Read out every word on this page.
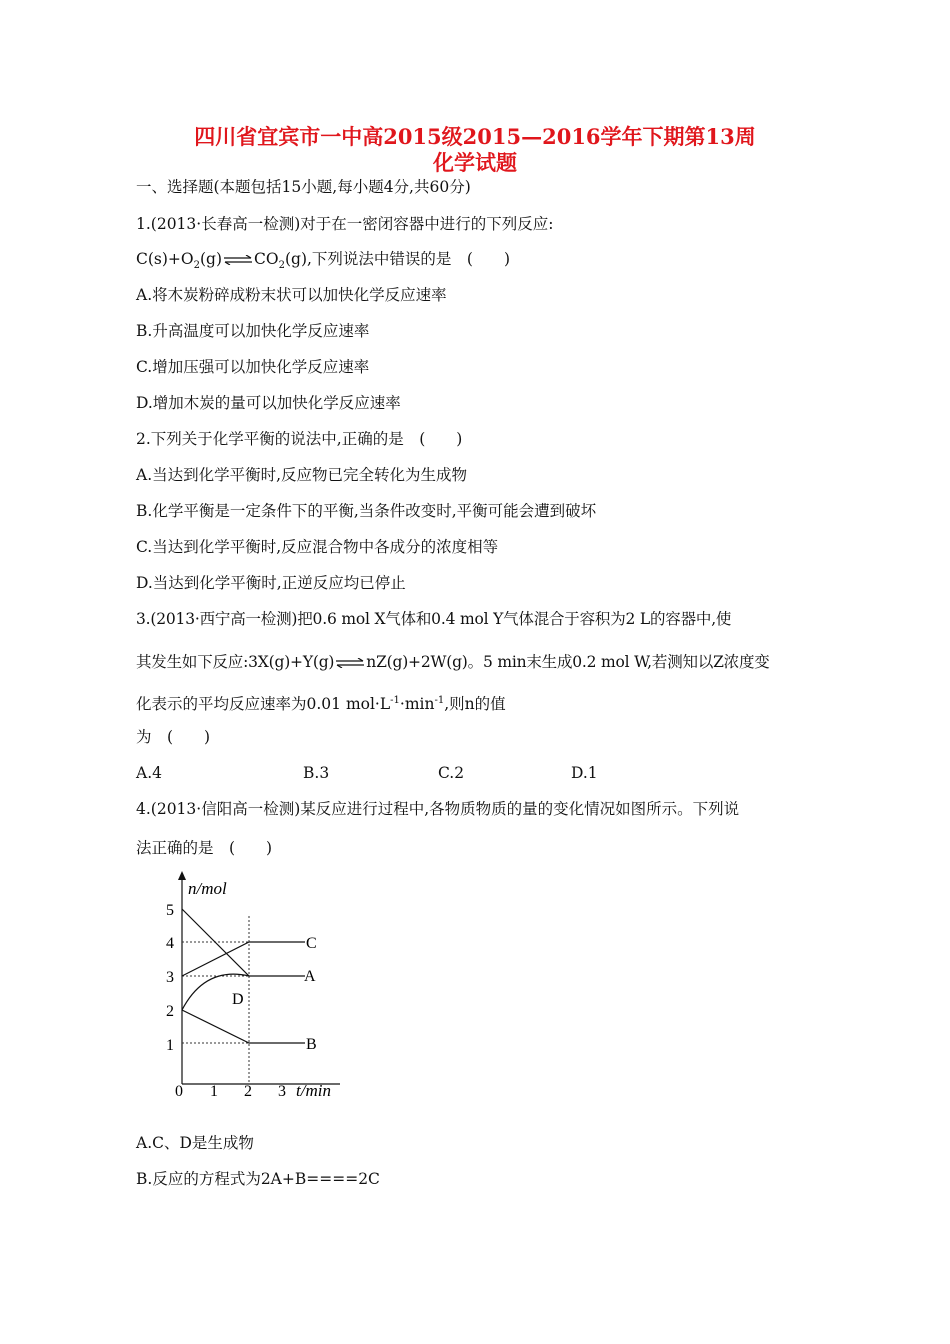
四川省宜宾市一中高2015级2015—2016学年下期第13周
化学试题
一、选择题(本题包括15小题,每小题4分,共60分)
1.(2013·长春高一检测)对于在一密闭容器中进行的下列反应:
$C(s)+O_2(g)\rightleftharpoons CO_2(g)$,下列说法中错误的是　(　　)
A.将木炭粉碎成粉末状可以加快化学反应速率
B.升高温度可以加快化学反应速率
C.增加压强可以加快化学反应速率
D.增加木炭的量可以加快化学反应速率
2.下列关于化学平衡的说法中,正确的是　(　　)
A.当达到化学平衡时,反应物已完全转化为生成物
B.化学平衡是一定条件下的平衡,当条件改变时,平衡可能会遭到破坏
C.当达到化学平衡时,反应混合物中各成分的浓度相等
D.当达到化学平衡时,正逆反应均已停止
3.(2013·西宁高一检测)把0.6 mol X气体和0.4 mol Y气体混合于容积为2 L的容器中,使
其发生如下反应:3X(g)+Y(g)⇌nZ(g)+2W(g)。5 min末生成0.2 mol W,若测知以Z浓度变
化表示的平均反应速率为0.01 $mol\cdot L^{-1}\cdot\min^{-1}$,则n的值
为　(　　)
A.4	B.3	C.2	D.1
4.(2013·信阳高一检测)某反应进行过程中,各物质物质的量的变化情况如图所示。下列说
法正确的是　(　　)
n/mol
t/min
1
2
3
4
5
0 1 2 3
C
A
D
B
A.C、D是生成物
B.反应的方程式为2A+B====2C
